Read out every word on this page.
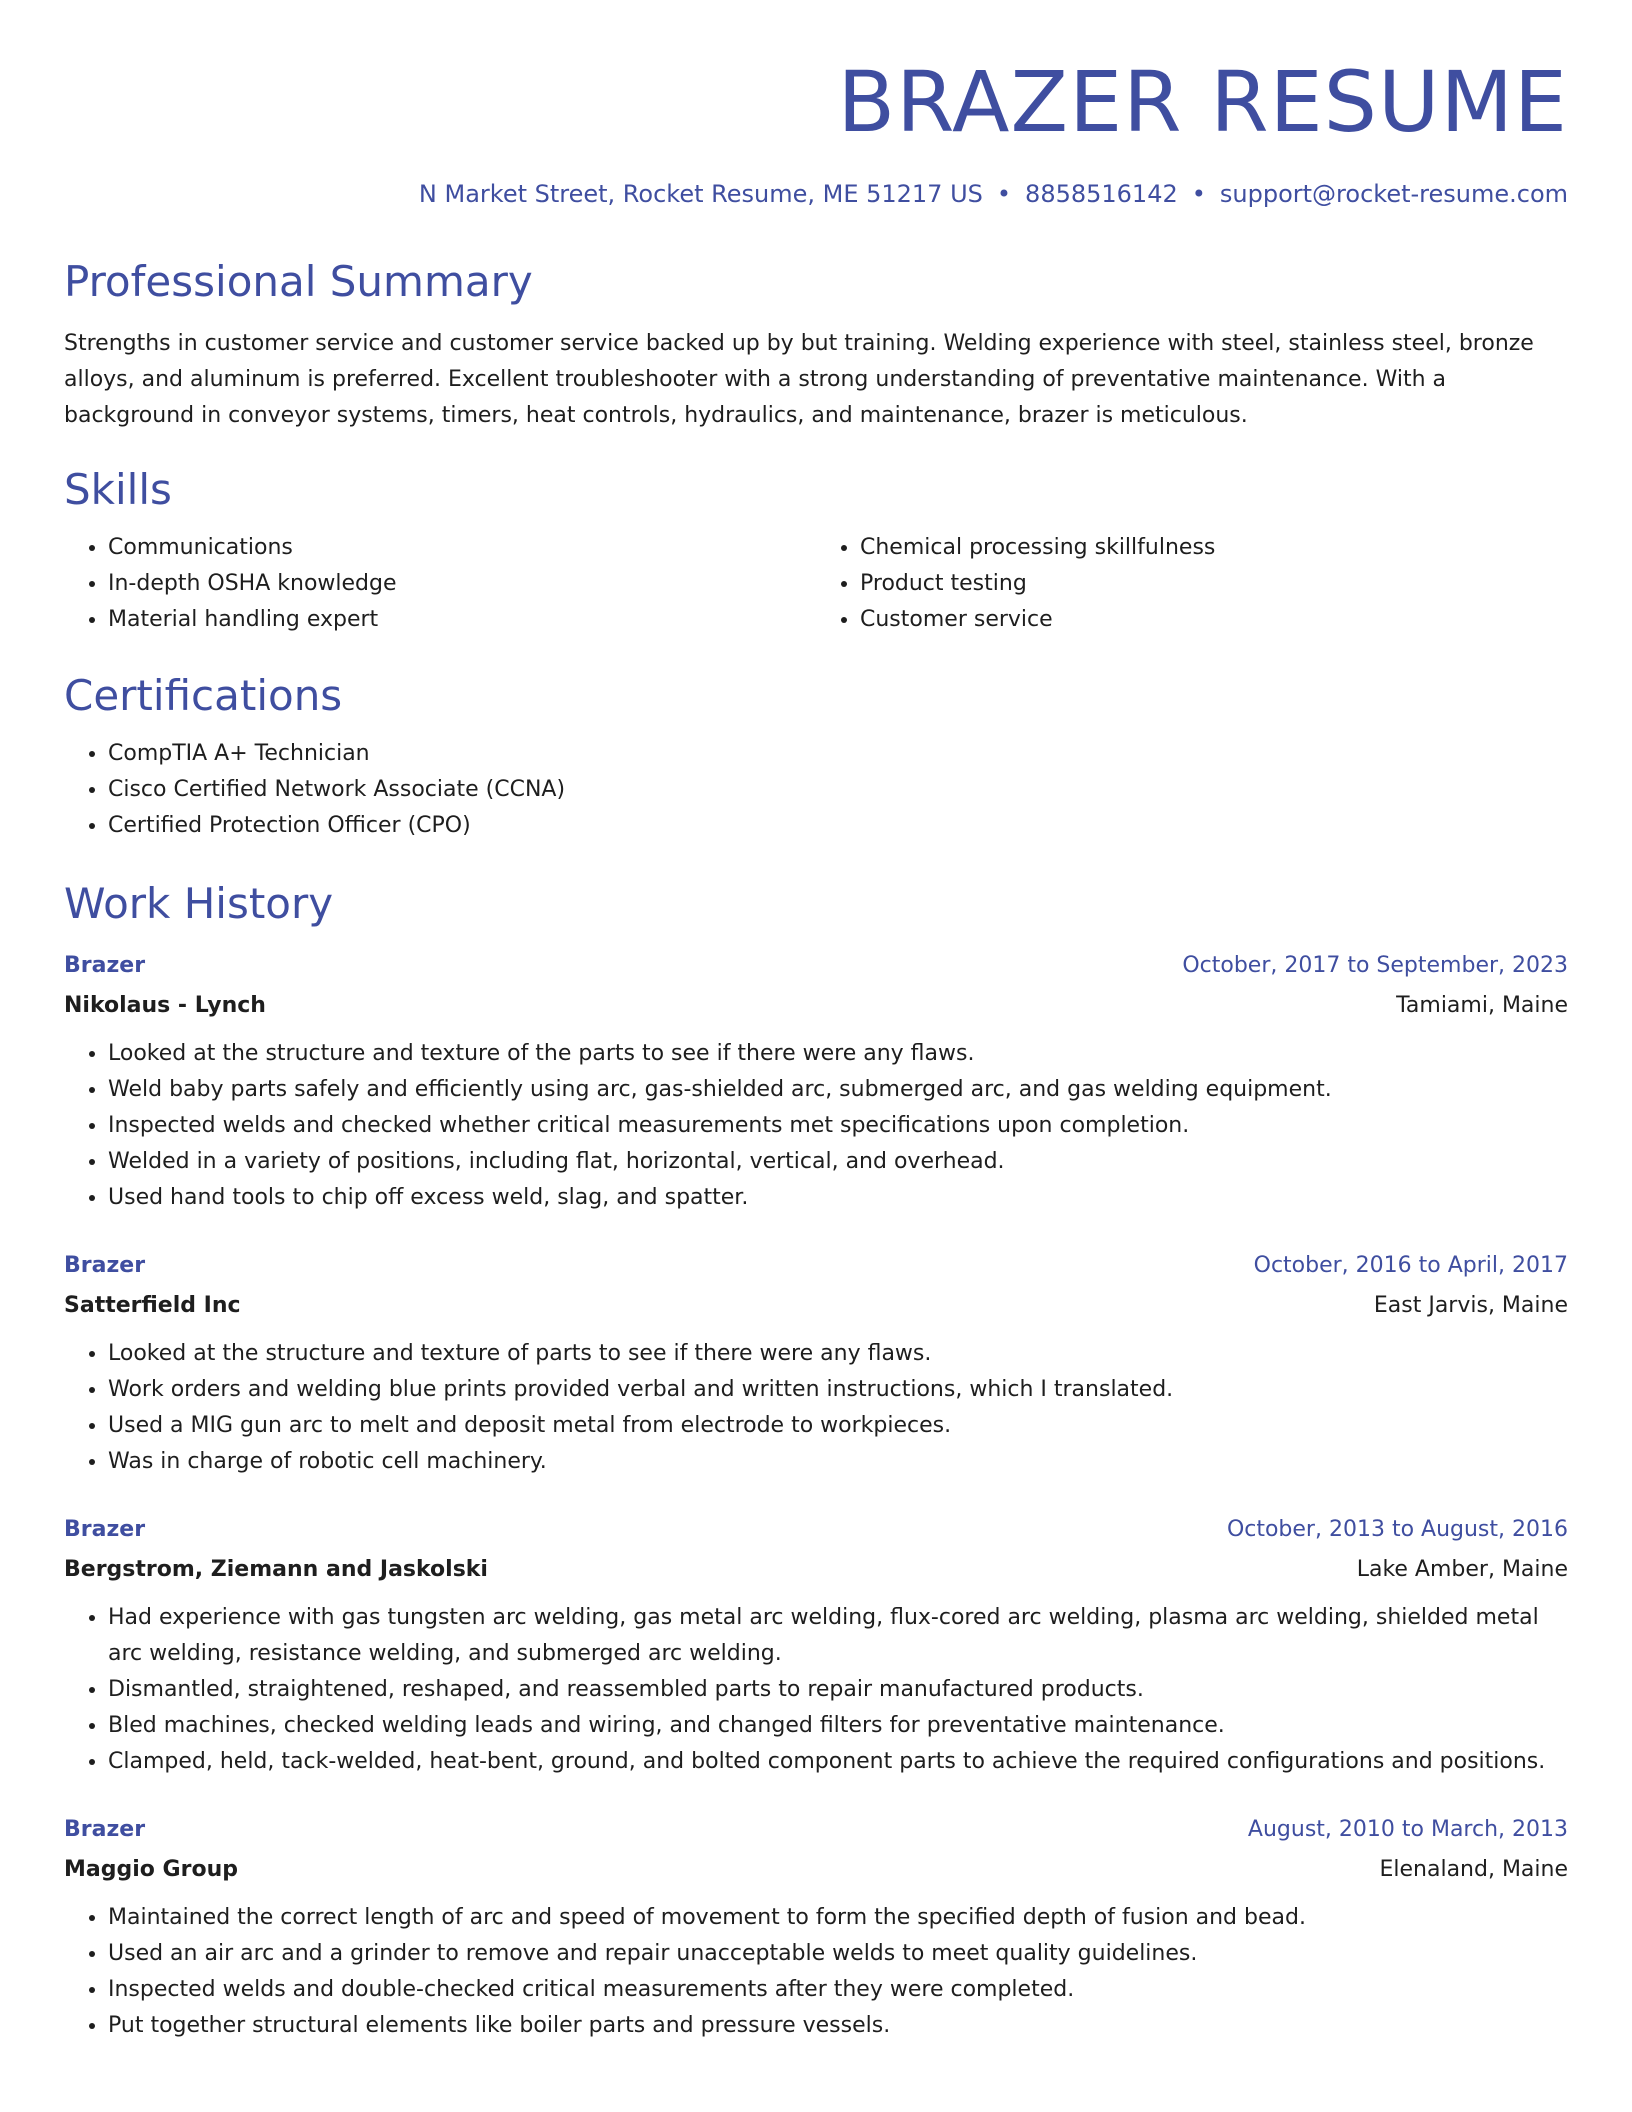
BRAZER RESUME
N Market Street, Rocket Resume, ME 51217 US • 8858516142 • support@rocket-resume.com
Professional Summary

Strengths in customer service and customer service backed up by but training. Welding experience with steel, stainless steel, bronze alloys, and aluminum is preferred. Excellent troubleshooter with a strong understanding of preventative maintenance. With a background in conveyor systems, timers, heat controls, hydraulics, and maintenance, brazer is meticulous.

Skills
• Communications
• In-depth OSHA knowledge
• Material handling expert
• Chemical processing skillfulness
• Product testing
• Customer service
Certifications
• CompTIA A+ Technician
• Cisco Certified Network Associate (CCNA)
• Certified Protection Officer (CPO)
Work History
Brazer	October, 2017 to September, 2023
Nikolaus - Lynch	Tamiami, Maine
• Looked at the structure and texture of the parts to see if there were any flaws.
• Weld baby parts safely and efficiently using arc, gas-shielded arc, submerged arc, and gas welding equipment.
• Inspected welds and checked whether critical measurements met specifications upon completion.
• Welded in a variety of positions, including flat, horizontal, vertical, and overhead.
• Used hand tools to chip off excess weld, slag, and spatter.
Brazer	October, 2016 to April, 2017
Satterfield Inc	East Jarvis, Maine
• Looked at the structure and texture of parts to see if there were any flaws.
• Work orders and welding blue prints provided verbal and written instructions, which I translated.
• Used a MIG gun arc to melt and deposit metal from electrode to workpieces.
• Was in charge of robotic cell machinery.
Brazer	October, 2013 to August, 2016
Bergstrom, Ziemann and Jaskolski	Lake Amber, Maine
• Had experience with gas tungsten arc welding, gas metal arc welding, flux-cored arc welding, plasma arc welding, shielded metal arc welding, resistance welding, and submerged arc welding.
• Dismantled, straightened, reshaped, and reassembled parts to repair manufactured products.
• Bled machines, checked welding leads and wiring, and changed filters for preventative maintenance.
• Clamped, held, tack-welded, heat-bent, ground, and bolted component parts to achieve the required configurations and positions.
Brazer	August, 2010 to March, 2013
Maggio Group	Elenaland, Maine
• Maintained the correct length of arc and speed of movement to form the specified depth of fusion and bead.
• Used an air arc and a grinder to remove and repair unacceptable welds to meet quality guidelines.
• Inspected welds and double-checked critical measurements after they were completed.
• Put together structural elements like boiler parts and pressure vessels.
